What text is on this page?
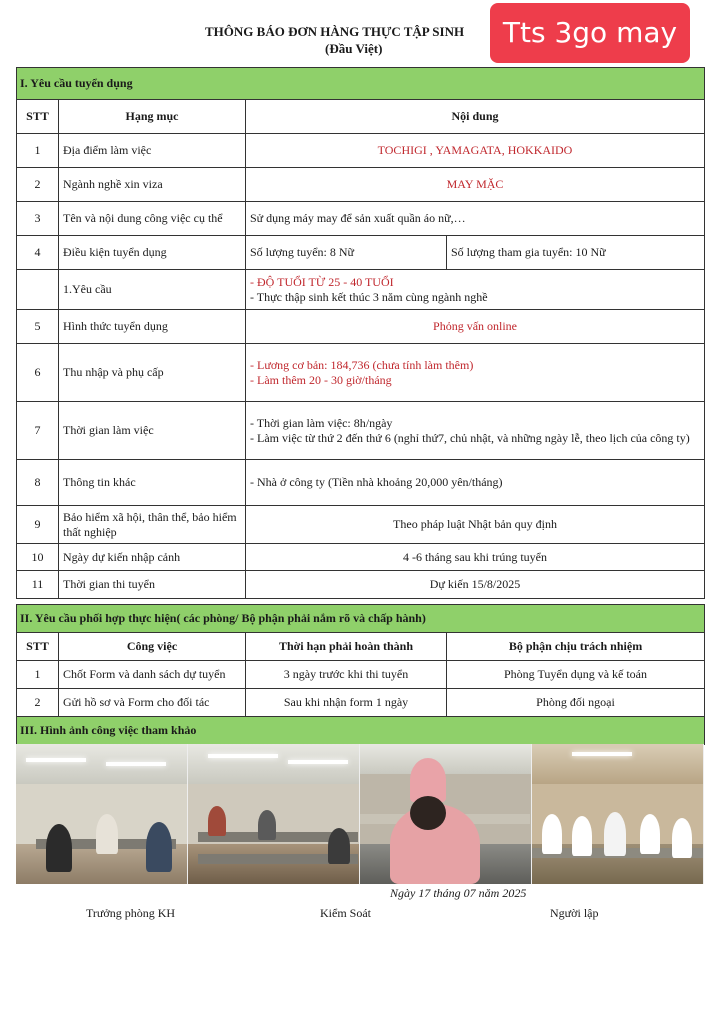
THÔNG BÁO ĐƠN HÀNG THỰC TẬP SINH
(Đầu Việt)	Tts 3go may
I. Yêu cầu tuyển dụng			
STT	Hạng mục	Nội dung	
1	Địa điểm làm việc	TOCHIGI , YAMAGATA, HOKKAIDO	
2	Ngành nghề xin viza	MAY MẶC	
3	Tên và nội dung công việc cụ thể	Sử dụng máy may để sản xuất quần áo nữ,…	
4	Điều kiện tuyển dụng	Số lượng tuyển: 8 Nữ	Số lượng tham gia tuyển: 10 Nữ
	1.Yêu cầu	- ĐỘ TUỔI TỪ 25 - 40 TUỔI
- Thực thập sinh kết thúc 3 năm cùng ngành nghề	

5	Hình thức tuyển dụng	Phỏng vấn online	
6	Thu nhập và phụ cấp	- Lương cơ bản: 184,736 (chưa tính làm thêm)
- Làm thêm 20 - 30 giờ/tháng	

7	Thời gian làm việc	- Thời gian làm việc: 8h/ngày
- Làm việc từ thứ 2 đến thứ 6 (nghỉ thứ7, chủ nhật, và những ngày lễ, theo lịch của công ty)	

8	Thông tin khác	- Nhà ở công ty (Tiền nhà khoảng 20,000 yên/tháng)	
9	Bảo hiểm xã hội, thân thể, bảo hiểm thất nghiệp	Theo pháp luật Nhật bản quy định	
10	Ngày dự kiến nhập cảnh	4 -6 tháng sau khi trúng tuyển	
11	Thời gian thi tuyển	Dự kiến 15/8/2025	
II. Yêu cầu phối hợp thực hiện( các phòng/ Bộ phận phải nắm rõ và chấp hành)			
STT	Công việc	Thời hạn phải hoàn thành	Bộ phận chịu trách nhiệm
1	Chốt Form và danh sách dự tuyển	3 ngày trước khi thi tuyển	Phòng Tuyển dụng và kế toán
2	Gửi hồ sơ và Form cho đối tác	Sau khi nhận form 1 ngày	Phòng đối ngoại
III. Hình ảnh công việc tham khảo			
Ngày 17 tháng 07 năm 2025
Trưởng phòng KH	Kiểm Soát	Người lập
